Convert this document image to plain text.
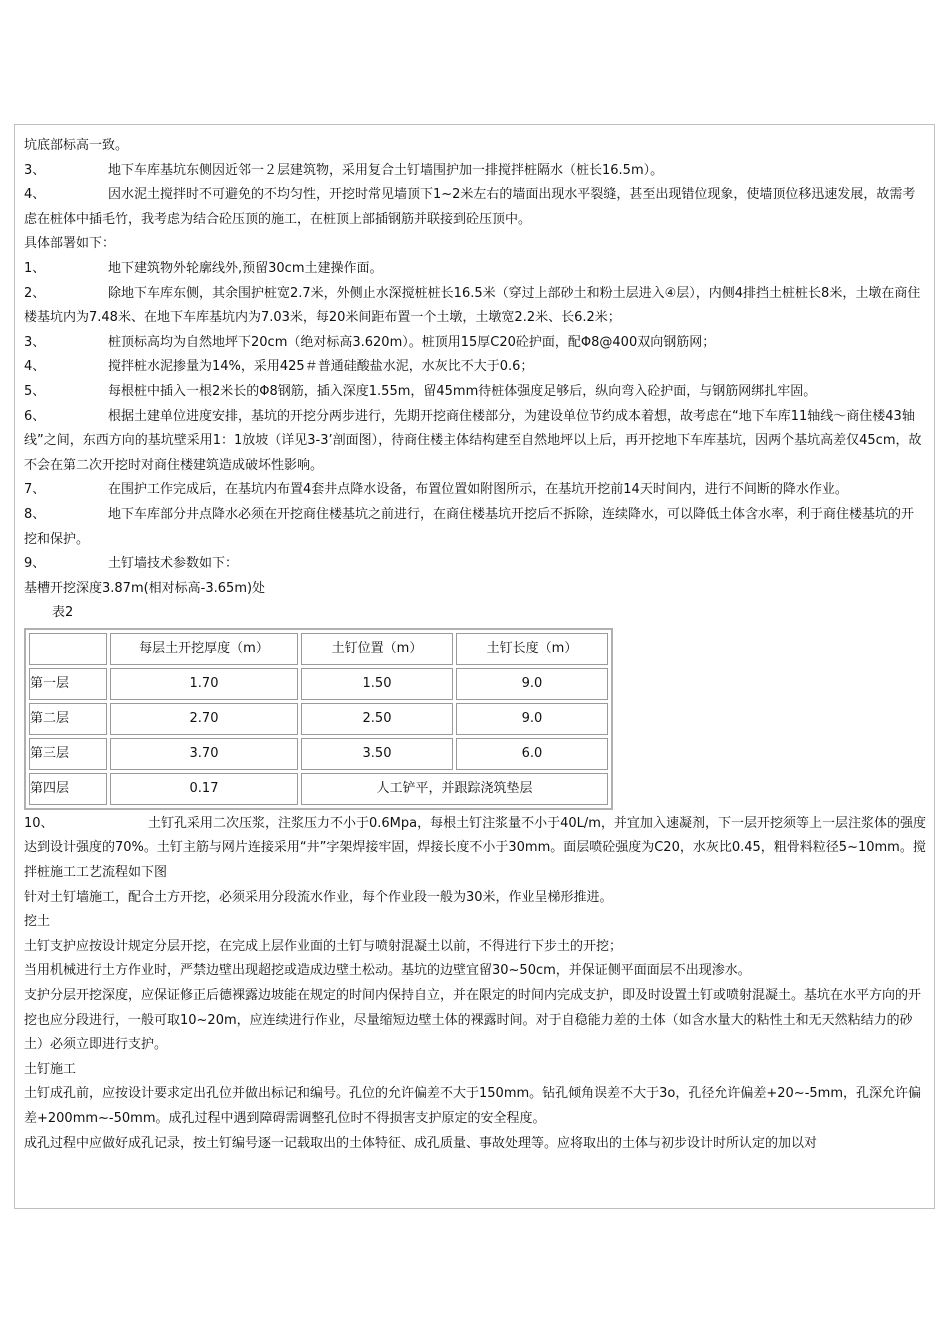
坑底部标高一致。

3、	地下车库基坑东侧因近邻一２层建筑物，采用复合土钉墙围护加一排搅拌桩隔水（桩长16.5m）。

4、	因水泥土搅拌时不可避免的不均匀性，开挖时常见墙顶下1~2米左右的墙面出现水平裂缝，甚至出现错位现象，使墙顶位移迅速发展，故需考虑在桩体中插毛竹，我考虑为结合砼压顶的施工，在桩顶上部插钢筋并联接到砼压顶中。

具体部署如下：

1、	地下建筑物外轮廓线外,预留30cm土建操作面。

2、	除地下车库东侧，其余围护桩宽2.7米，外侧止水深搅桩桩长16.5米（穿过上部砂土和粉土层进入④层），内侧4排挡土桩桩长8米，土墩在商住楼基坑内为7.48米、在地下车库基坑内为7.03米，每20米间距布置一个土墩，土墩宽2.2米、长6.2米；

3、	桩顶标高均为自然地坪下20cm（绝对标高3.620m）。桩顶用15厚C20砼护面，配Φ8@400双向钢筋网；

4、	搅拌桩水泥掺量为14%，采用425＃普通硅酸盐水泥，水灰比不大于0.6；

5、	每根桩中插入一根2米长的Φ8钢筋，插入深度1.55m，留45mm待桩体强度足够后，纵向弯入砼护面，与钢筋网绑扎牢固。

6、	根据土建单位进度安排，基坑的开挖分两步进行，先期开挖商住楼部分，为建设单位节约成本着想，故考虑在“地下车库11轴线～商住楼43轴线”之间，东西方向的基坑壁采用1：1放坡（详见3-3’剖面图），待商住楼主体结构建至自然地坪以上后，再开挖地下车库基坑，因两个基坑高差仅45cm，故不会在第二次开挖时对商住楼建筑造成破坏性影响。

7、	在围护工作完成后，在基坑内布置4套井点降水设备，布置位置如附图所示，在基坑开挖前14天时间内，进行不间断的降水作业。

8、	地下车库部分井点降水必须在开挖商住楼基坑之前进行，在商住楼基坑开挖后不拆除，连续降水，可以降低土体含水率，利于商住楼基坑的开挖和保护。

9、	土钉墙技术参数如下：

基槽开挖深度3.87m(相对标高-3.65m)处

表2

	每层土开挖厚度（m）	土钉位置（m）	土钉长度（m）
第一层	1.70	1.50	9.0
第二层	2.70	2.50	9.0
第三层	3.70	3.50	6.0
第四层	0.17	人工铲平，并跟踪浇筑垫层	

10、	土钉孔采用二次压浆，注浆压力不小于0.6Mpa，每根土钉注浆量不小于40L/m，并宜加入速凝剂，下一层开挖须等上一层注浆体的强度达到设计强度的70%。土钉主筋与网片连接采用“井”字架焊接牢固，焊接长度不小于30mm。面层喷砼强度为C20，水灰比0.45，粗骨料粒径5~10mm。搅拌桩施工工艺流程如下图

针对土钉墙施工，配合土方开挖，必须采用分段流水作业，每个作业段一般为30米，作业呈梯形推进。

挖土

土钉支护应按设计规定分层开挖，在完成上层作业面的土钉与喷射混凝土以前，不得进行下步土的开挖；

当用机械进行土方作业时，严禁边壁出现超挖或造成边壁土松动。基坑的边壁宜留30~50cm，并保证侧平面面层不出现渗水。

支护分层开挖深度，应保证修正后德裸露边坡能在规定的时间内保持自立，并在限定的时间内完成支护，即及时设置土钉或喷射混凝土。基坑在水平方向的开挖也应分段进行，一般可取10~20m，应连续进行作业，尽量缩短边壁土体的裸露时间。对于自稳能力差的土体（如含水量大的粘性土和无天然粘结力的砂土）必须立即进行支护。

土钉施工

土钉成孔前，应按设计要求定出孔位并做出标记和编号。孔位的允许偏差不大于150mm。钻孔倾角误差不大于3o，孔径允许偏差+20~-5mm，孔深允许偏差+200mm~-50mm。成孔过程中遇到障碍需调整孔位时不得损害支护原定的安全程度。

成孔过程中应做好成孔记录，按土钉编号逐一记载取出的土体特征、成孔质量、事故处理等。应将取出的土体与初步设计时所认定的加以对
